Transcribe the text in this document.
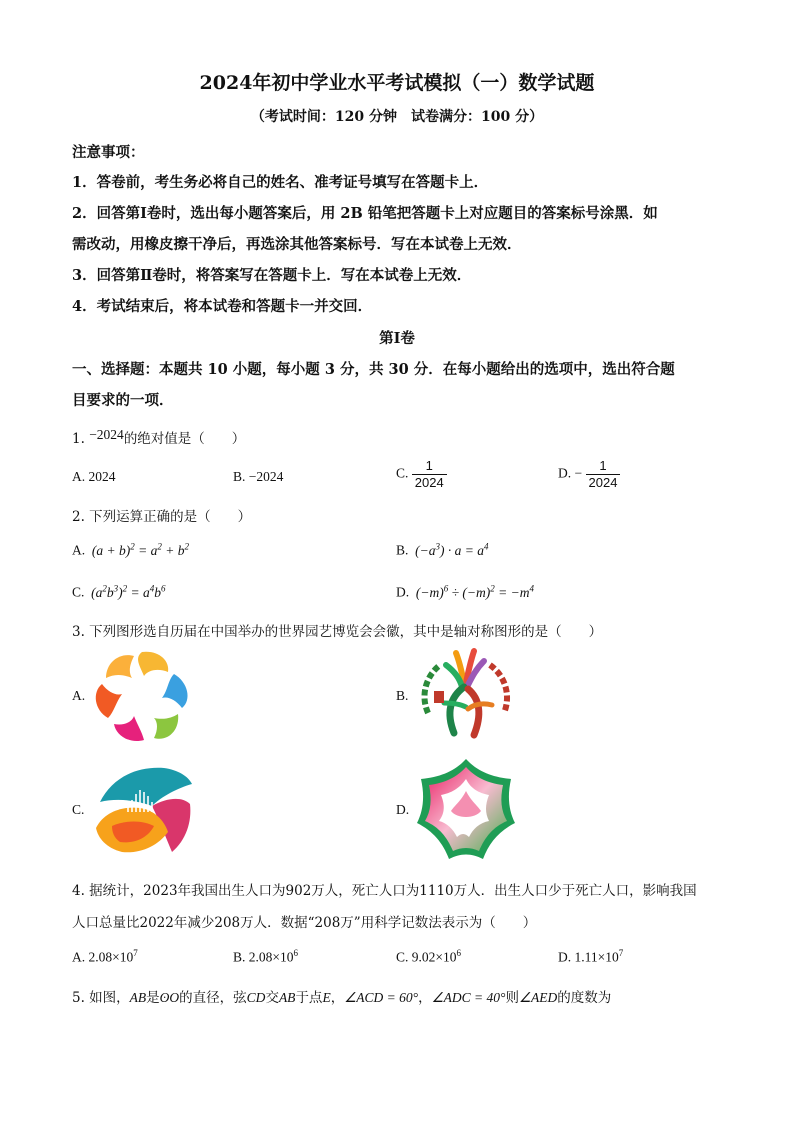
2024年初中学业水平考试模拟（一）数学试题
（考试时间：120 分钟　试卷满分：100 分）
注意事项：
1．答卷前，考生务必将自己的姓名、准考证号填写在答题卡上．
2．回答第Ⅰ卷时，选出每小题答案后，用 2B 铅笔把答题卡上对应题目的答案标号涂黑．如
需改动，用橡皮擦干净后，再选涂其他答案标号．写在本试卷上无效．
3．回答第Ⅱ卷时，将答案写在答题卡上．写在本试卷上无效．
4．考试结束后，将本试卷和答题卡一并交回．
第Ⅰ卷
一、选择题：本题共 10 小题，每小题 3 分，共 30 分．在每小题给出的选项中，选出符合题
目要求的一项．
1. −2024的绝对值是（　　）
A. 2024	B. −2024	C. $\frac{1}{2024}$	D. − $\frac{1}{2024}$
2. 下列运算正确的是（　　）
A.  $(a + b)^2 = a^2 + b^2$	B.  $(-a^3) \cdot a = a^4$
C.  $(a^2b^3)^2 = a^4b^6$	D.  $(-m)^6 \div (-m)^2 = -m^4$
3. 下列图形选自历届在中国举办的世界园艺博览会会徽，其中是轴对称图形的是（　　）
A.	B.
C.	D.
4. 据统计，2023年我国出生人口为902万人，死亡人口为1110万人．出生人口少于死亡人口，影响我国
人口总量比2022年减少208万人．数据“208万”用科学记数法表示为（　　）
A. $2.08\times 10^7$	B. $2.08\times 10^6$	C. $9.02\times 10^6$	D. $1.11\times 10^7$
5. 如图，AB是ʘO的直径，弦CD交AB于点E，∠ACD = 60°，∠ADC = 40°则∠AED的度数为
